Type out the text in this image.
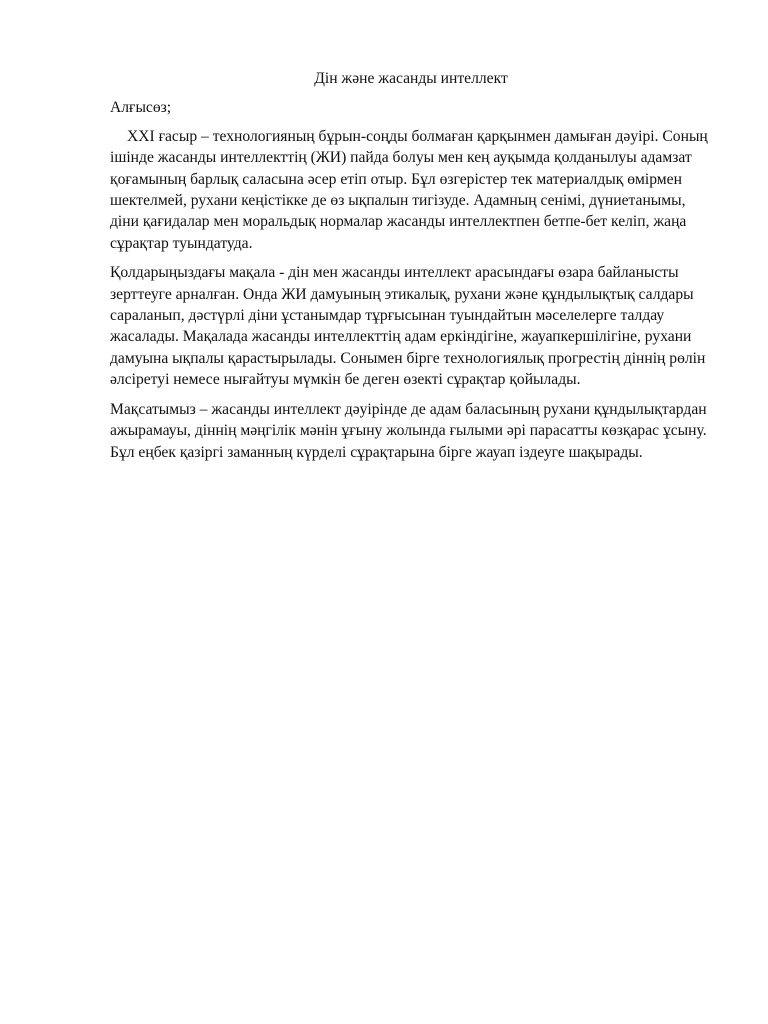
Дін және жасанды интеллект
Алғысөз;

XXI ғасыр – технологияның бұрын-соңды болмаған қарқынмен дамыған дәуірі. Соның ішінде жасанды интеллекттің (ЖИ) пайда болуы мен кең ауқымда қолданылуы адамзат қоғамының барлық саласына әсер етіп отыр. Бұл өзгерістер тек материалдық өмірмен шектелмей, рухани кеңістікке де өз ықпалын тигізуде. Адамның сенімі, дүниетанымы, діни қағидалар мен моральдық нормалар жасанды интеллектпен бетпе-бет келіп, жаңа сұрақтар туындатуда.

Қолдарыңыздағы мақала - дін мен жасанды интеллект арасындағы өзара байланысты зерттеуге арналған. Онда ЖИ дамуының этикалық, рухани және құндылықтық салдары сараланып, дәстүрлі діни ұстанымдар тұрғысынан туындайтын мәселелерге талдау жасалады. Мақалада жасанды интеллекттің адам еркіндігіне, жауапкершілігіне, рухани дамуына ықпалы қарастырылады. Сонымен бірге технологиялық прогрестің діннің рөлін әлсіретуі немесе нығайтуы мүмкін бе деген өзекті сұрақтар қойылады.

Мақсатымыз – жасанды интеллект дәуірінде де адам баласының рухани құндылықтардан ажырамауы, діннің мәңгілік мәнін ұғыну жолында ғылыми әрі парасатты көзқарас ұсыну. Бұл еңбек қазіргі заманның күрделі сұрақтарына бірге жауап іздеуге шақырады.
